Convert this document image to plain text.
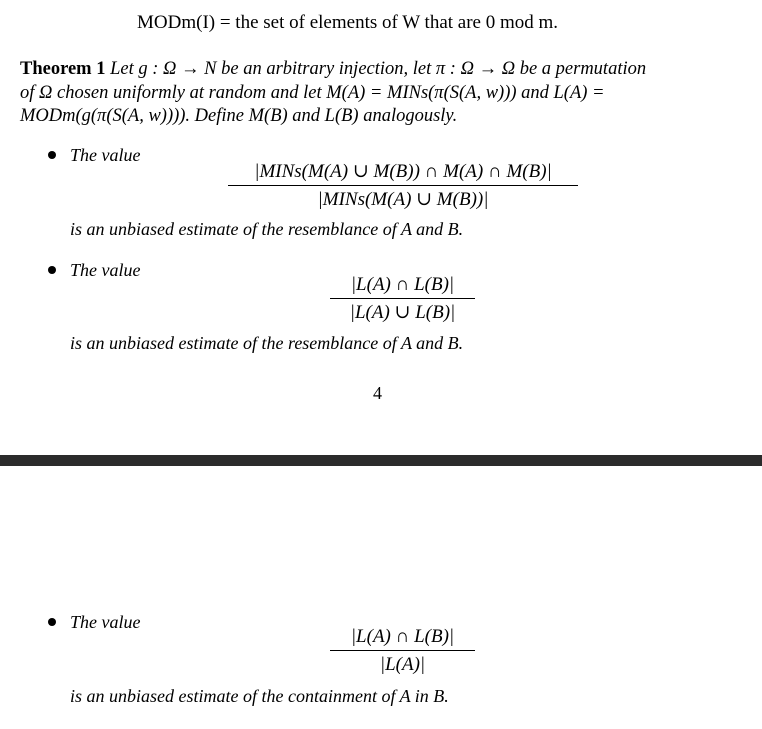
MODm(I) = the set of elements of W that are 0 mod m.
Theorem 1 Let g : Ω → N be an arbitrary injection, let π : Ω → Ω be a permutation
of Ω chosen uniformly at random and let M(A) = MINs(π(S(A, w))) and L(A) =
MODm(g(π(S(A, w)))). Define M(B) and L(B) analogously.
The value
|MINs(M(A) ∪ M(B)) ∩ M(A) ∩ M(B)|
|MINs(M(A) ∪ M(B))|
is an unbiased estimate of the resemblance of A and B.
The value
|L(A) ∩ L(B)|
|L(A) ∪ L(B)|
is an unbiased estimate of the resemblance of A and B.
4
The value
|L(A) ∩ L(B)|
|L(A)|
is an unbiased estimate of the containment of A in B.
